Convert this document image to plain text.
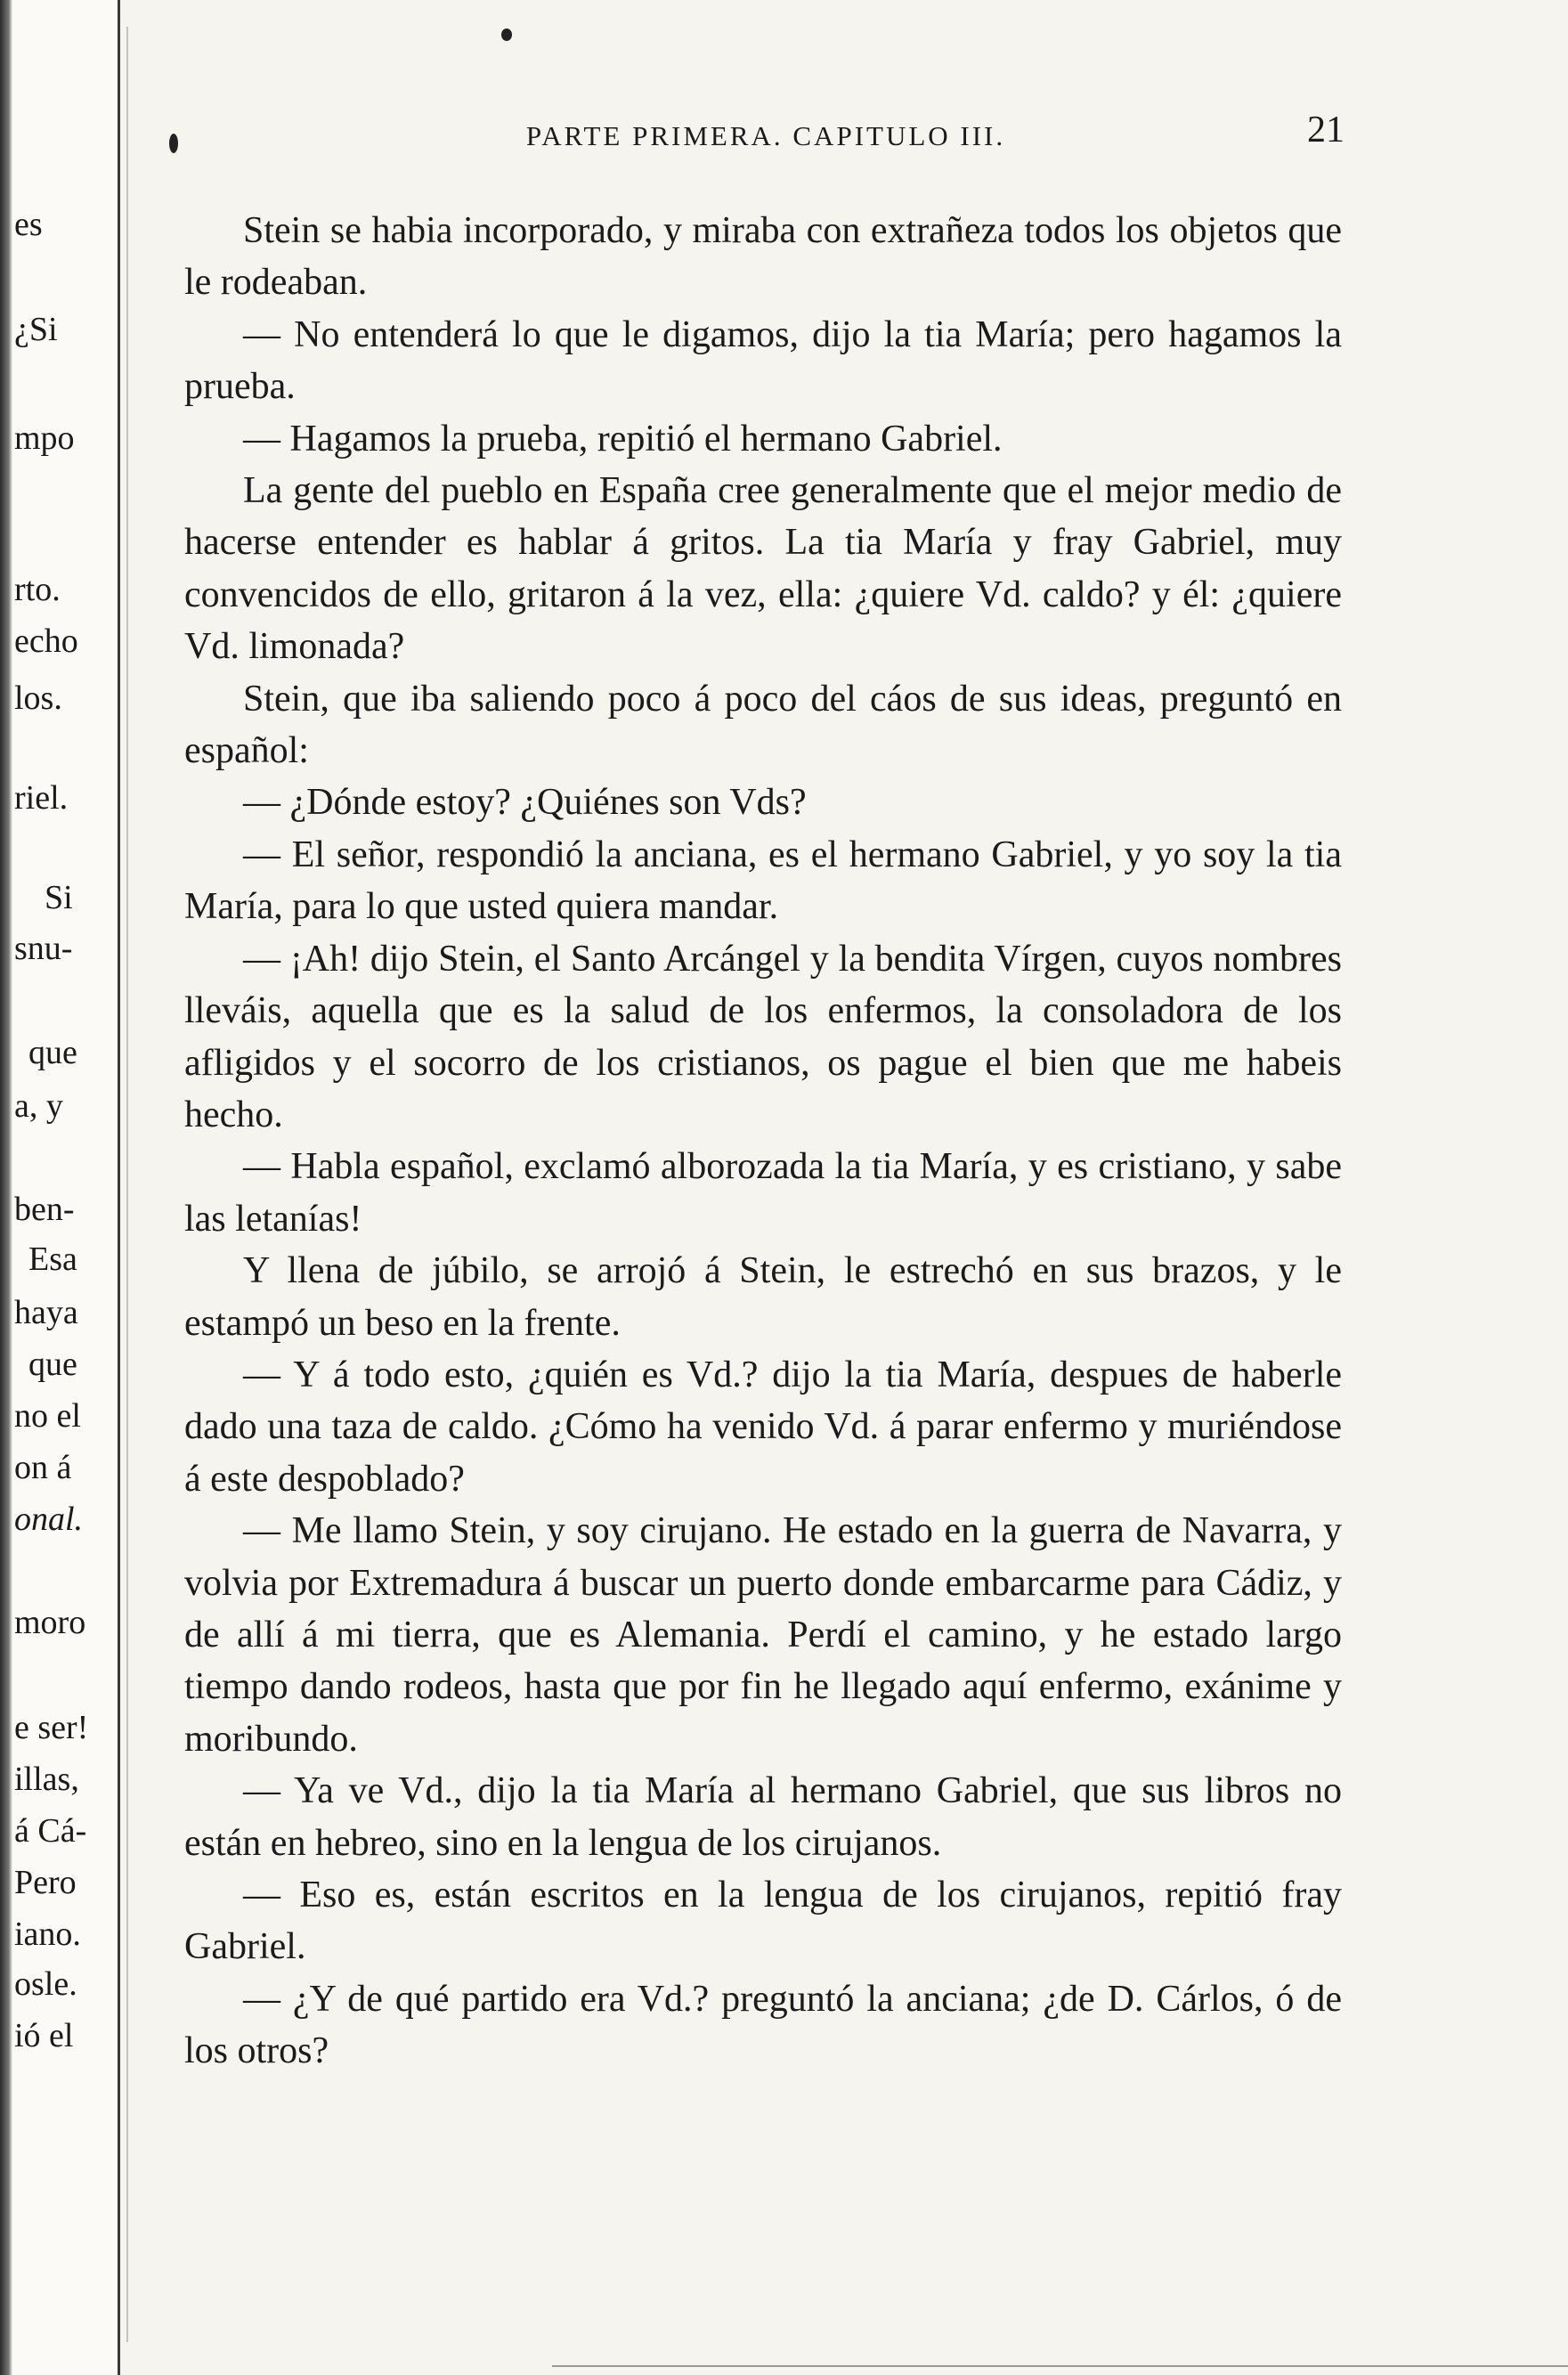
es
¿Si
mpo
rto.
echo
los.
riel.
Si
snu-
que
a, y
ben-
Esa
haya
que
no el
on á
onal.
moro
e ser!
illas,
á Cá-
Pero
iano.
osle.
ió el
PARTE PRIMERA. CAPITULO III.	21

Stein se habia incorporado, y miraba con extrañeza todos los objetos que le rodeaban.

— No entenderá lo que le digamos, dijo la tia María; pero hagamos la prueba.

— Hagamos la prueba, repitió el hermano Gabriel.

La gente del pueblo en España cree generalmente que el mejor medio de hacerse entender es hablar á gritos. La tia María y fray Gabriel, muy convencidos de ello, gritaron á la vez, ella: ¿quiere Vd. caldo? y él: ¿quiere Vd. limonada?

Stein, que iba saliendo poco á poco del cáos de sus ideas, preguntó en español:

— ¿Dónde estoy? ¿Quiénes son Vds?

— El señor, respondió la anciana, es el hermano Gabriel, y yo soy la tia María, para lo que usted quiera mandar.

— ¡Ah! dijo Stein, el Santo Arcángel y la bendita Vírgen, cuyos nombres lleváis, aquella que es la salud de los enfermos, la consoladora de los afligidos y el socorro de los cristianos, os pague el bien que me habeis hecho.

— Habla español, exclamó alborozada la tia María, y es cristiano, y sabe las letanías!

Y llena de júbilo, se arrojó á Stein, le estrechó en sus brazos, y le estampó un beso en la frente.

— Y á todo esto, ¿quién es Vd.? dijo la tia María, despues de haberle dado una taza de caldo. ¿Cómo ha venido Vd. á parar enfermo y muriéndose á este despoblado?

— Me llamo Stein, y soy cirujano. He estado en la guerra de Navarra, y volvia por Extremadura á buscar un puerto donde embarcarme para Cádiz, y de allí á mi tierra, que es Alemania. Perdí el camino, y he estado largo tiempo dando rodeos, hasta que por fin he llegado aquí enfermo, exánime y moribundo.

— Ya ve Vd., dijo la tia María al hermano Gabriel, que sus libros no están en hebreo, sino en la lengua de los cirujanos.

— Eso es, están escritos en la lengua de los cirujanos, repitió fray Gabriel.

— ¿Y de qué partido era Vd.? preguntó la anciana; ¿de D. Cárlos, ó de los otros?
